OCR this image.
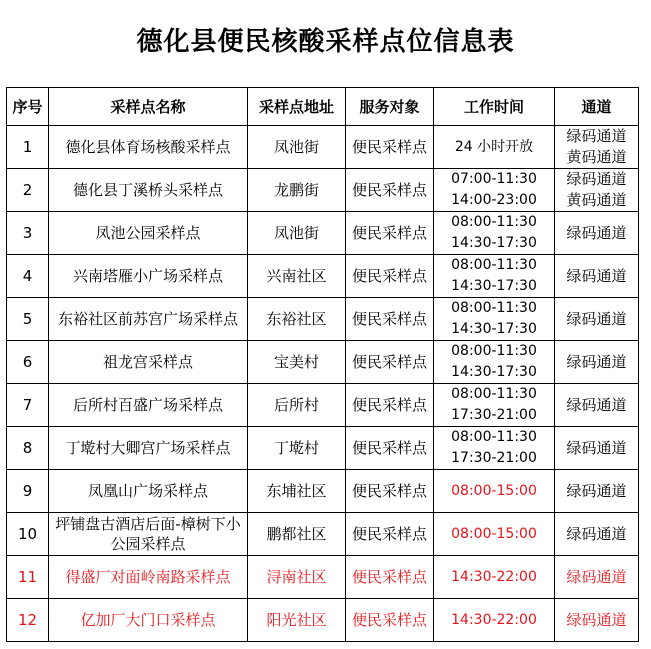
德化县便民核酸采样点位信息表
序号	采样点名称	采样点地址	服务对象	工作时间	通道
1	德化县体育场核酸采样点	凤池街	便民采样点	24 小时开放	绿码通道
黄码通道
2	德化县丁溪桥头采样点	龙鹏街	便民采样点	07:00-11:30
14:00-23:00	绿码通道
黄码通道
3	凤池公园采样点	凤池街	便民采样点	08:00-11:30
14:30-17:30	绿码通道
4	兴南塔雁小广场采样点	兴南社区	便民采样点	08:00-11:30
14:30-17:30	绿码通道
5	东裕社区前苏宫广场采样点	东裕社区	便民采样点	08:00-11:30
14:30-17:30	绿码通道
6	祖龙宫采样点	宝美村	便民采样点	08:00-11:30
14:30-17:30	绿码通道
7	后所村百盛广场采样点	后所村	便民采样点	08:00-11:30
17:30-21:00	绿码通道
8	丁墘村大卿宫广场采样点	丁墘村	便民采样点	08:00-11:30
17:30-21:00	绿码通道
9	凤凰山广场采样点	东埔社区	便民采样点	08:00-15:00	绿码通道
10	坪铺盘古酒店后面-樟树下小公园采样点	鹏都社区	便民采样点	08:00-15:00	绿码通道
11	得盛厂对面岭南路采样点	浔南社区	便民采样点	14:30-22:00	绿码通道
12	亿加厂大门口采样点	阳光社区	便民采样点	14:30-22:00	绿码通道
